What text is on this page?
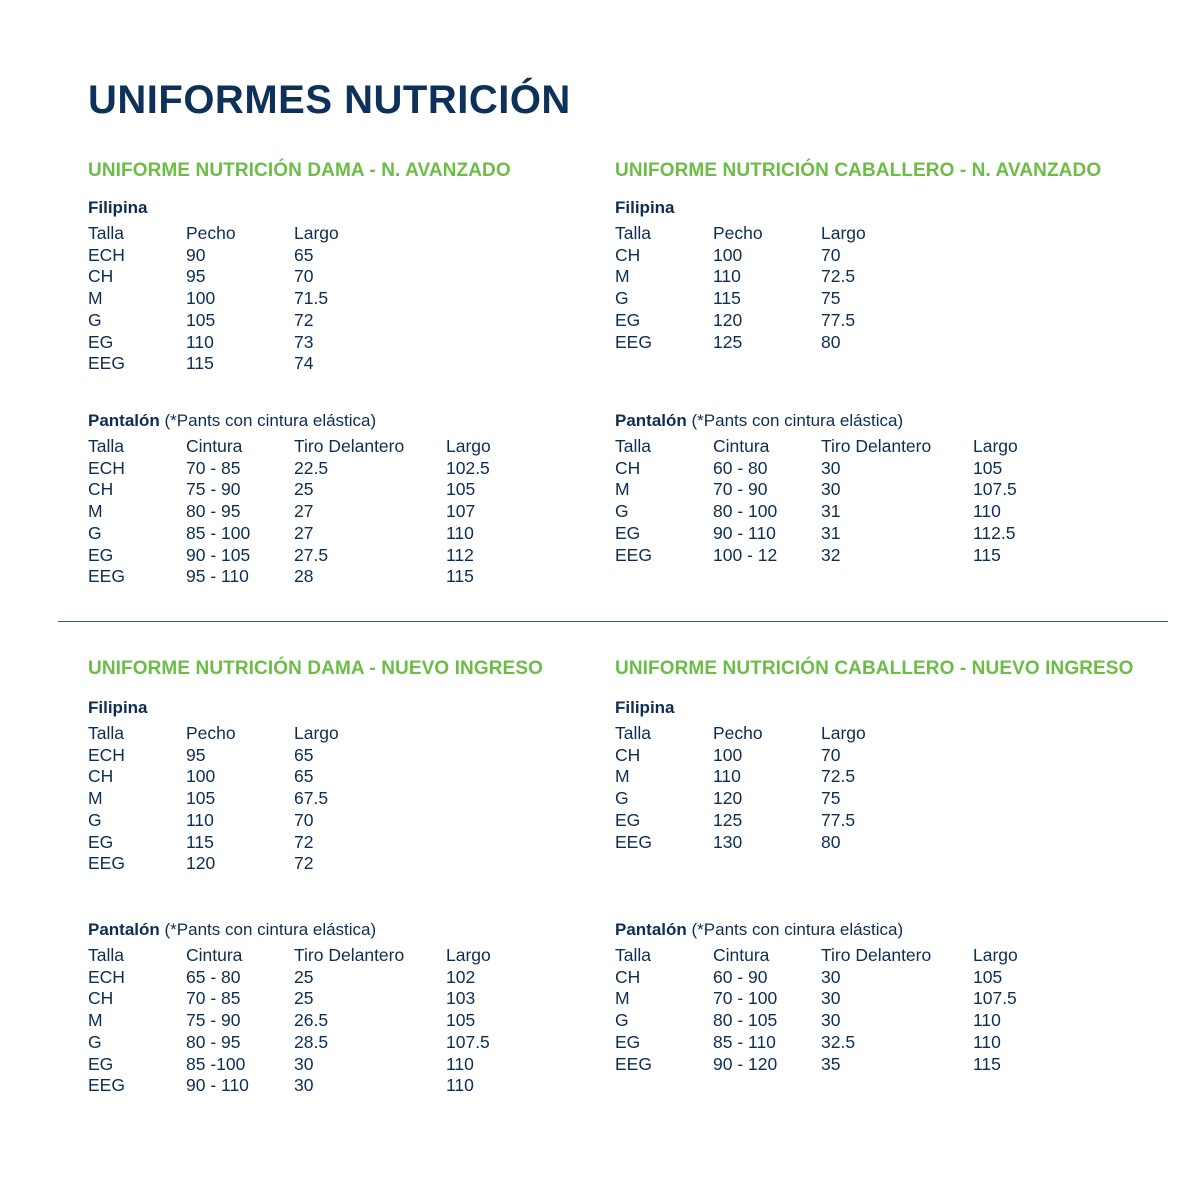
UNIFORMES NUTRICIÓN
UNIFORME NUTRICIÓN DAMA - N. AVANZADO
Filipina
Talla	Pecho	Largo
ECH	90	65
CH	95	70
M	100	71.5
G	105	72
EG	110	73
EEG	115	74
Pantalón (*Pants con cintura elástica)
Talla	Cintura	Tiro Delantero	Largo
ECH	70 - 85	22.5	102.5
CH	75 - 90	25	105
M	80 - 95	27	107
G	85 - 100	27	110
EG	90 - 105	27.5	112
EEG	95 - 110	28	115
UNIFORME NUTRICIÓN CABALLERO - N. AVANZADO
Filipina
Talla	Pecho	Largo
CH	100	70
M	110	72.5
G	115	75
EG	120	77.5
EEG	125	80
Pantalón (*Pants con cintura elástica)
Talla	Cintura	Tiro Delantero	Largo
CH	60 - 80	30	105
M	70 - 90	30	107.5
G	80 - 100	31	110
EG	90 - 110	31	112.5
EEG	100 - 12	32	115
UNIFORME NUTRICIÓN DAMA - NUEVO INGRESO
Filipina
Talla	Pecho	Largo
ECH	95	65
CH	100	65
M	105	67.5
G	110	70
EG	115	72
EEG	120	72
Pantalón (*Pants con cintura elástica)
Talla	Cintura	Tiro Delantero	Largo
ECH	65 - 80	25	102
CH	70 - 85	25	103
M	75 - 90	26.5	105
G	80 - 95	28.5	107.5
EG	85 -100	30	110
EEG	90 - 110	30	110
UNIFORME NUTRICIÓN CABALLERO - NUEVO INGRESO
Filipina
Talla	Pecho	Largo
CH	100	70
M	110	72.5
G	120	75
EG	125	77.5
EEG	130	80
Pantalón (*Pants con cintura elástica)
Talla	Cintura	Tiro Delantero	Largo
CH	60 - 90	30	105
M	70 - 100	30	107.5
G	80 - 105	30	110
EG	85 - 110	32.5	110
EEG	90 - 120	35	115
